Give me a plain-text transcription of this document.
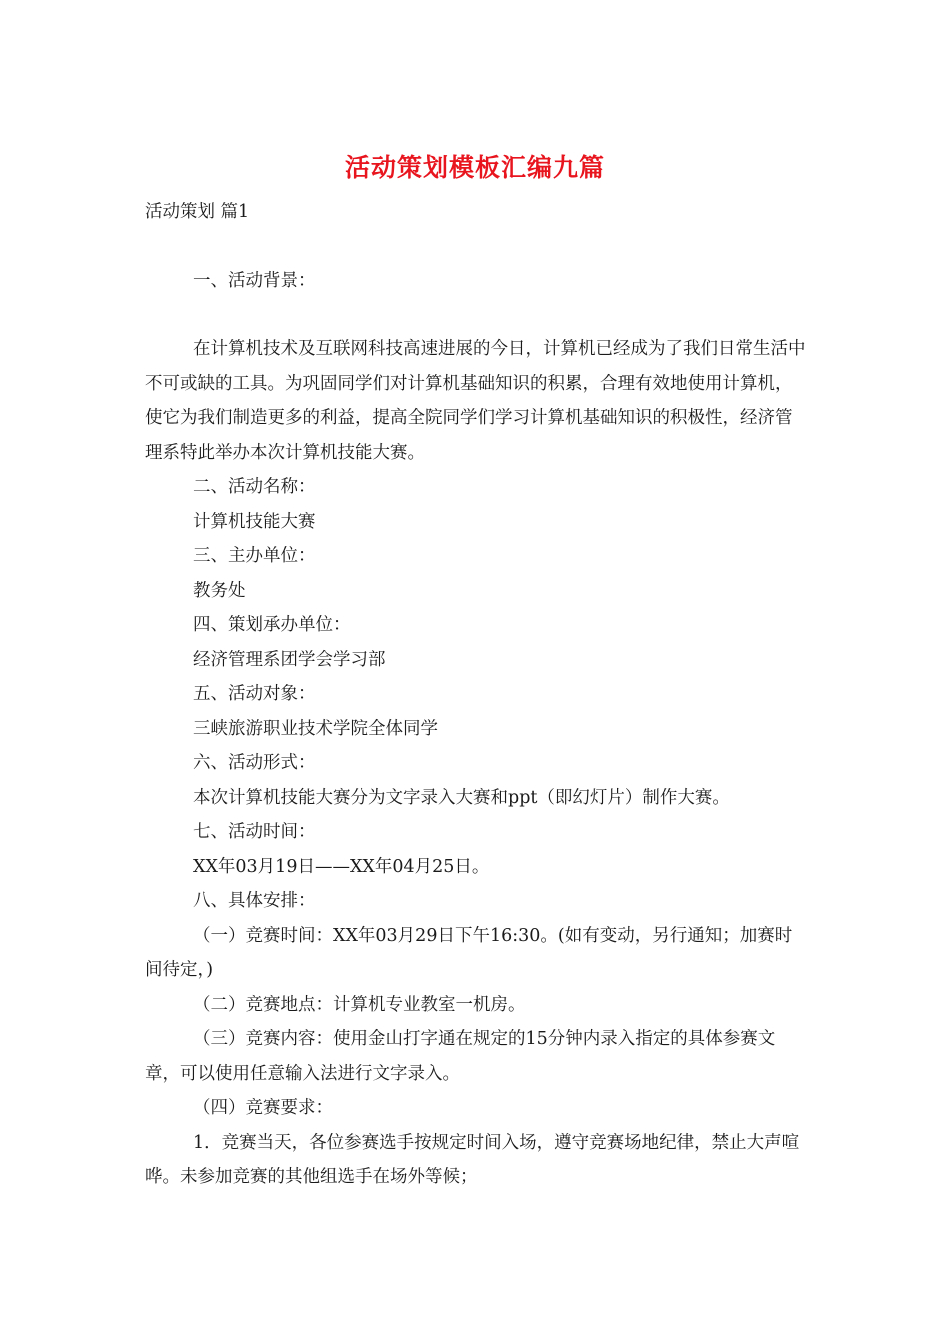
活动策划模板汇编九篇

活动策划 篇1

一、活动背景：

在计算机技术及互联网科技高速进展的今日，计算机已经成为了我们日常生活中不可或缺的工具。为巩固同学们对计算机基础知识的积累，合理有效地使用计算机，使它为我们制造更多的利益，提高全院同学们学习计算机基础知识的积极性，经济管理系特此举办本次计算机技能大赛。

二、活动名称：

计算机技能大赛

三、主办单位：

教务处

四、策划承办单位：

经济管理系团学会学习部

五、活动对象：

三峡旅游职业技术学院全体同学

六、活动形式：

本次计算机技能大赛分为文字录入大赛和ppt（即幻灯片）制作大赛。

七、活动时间：

XX年03月19日——XX年04月25日。

八、具体安排：

（一）竞赛时间：XX年03月29日下午16:30。(如有变动，另行通知；加赛时间待定，)

（二）竞赛地点：计算机专业教室一机房。

（三）竞赛内容：使用金山打字通在规定的15分钟内录入指定的具体参赛文章，可以使用任意输入法进行文字录入。

（四）竞赛要求：

1．竞赛当天，各位参赛选手按规定时间入场，遵守竞赛场地纪律，禁止大声喧哗。未参加竞赛的其他组选手在场外等候；
